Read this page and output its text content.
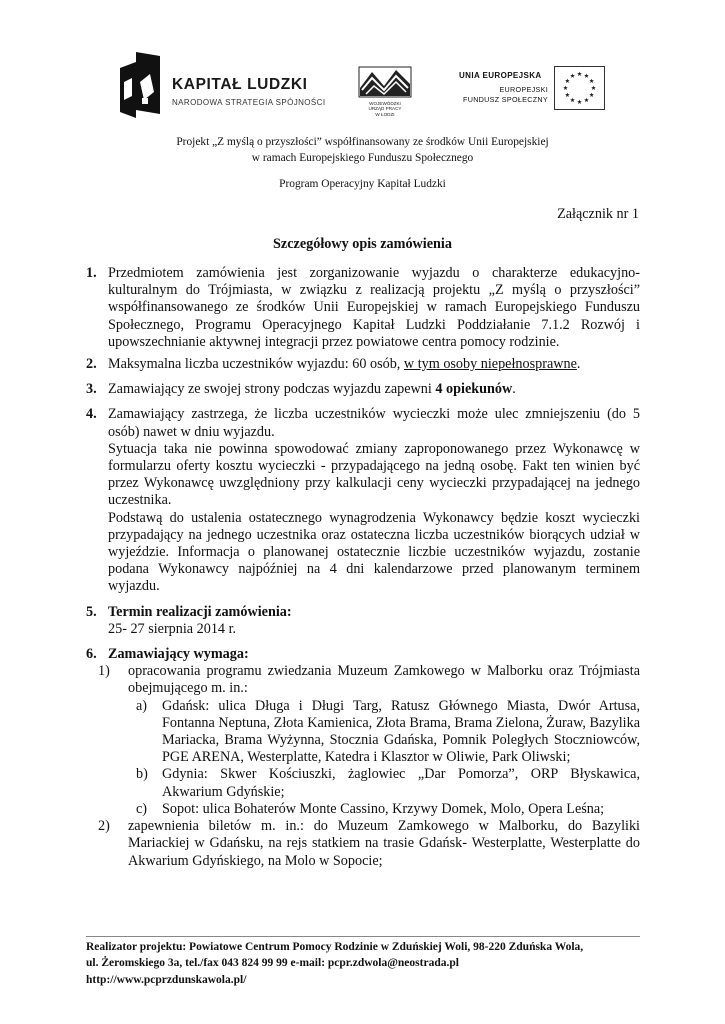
KAPITAŁ LUDZKI
NARODOWA STRATEGIA SPÓJNOŚCI	WOJEWÓDZKI
URZĄD PRACY
W ŁODZI
UNIA EUROPEJSKA
EUROPEJSKI
FUNDUSZ SPOŁECZNY
Projekt „Z myślą o przyszłości” współfinansowany ze środków Unii Europejskiej
w ramach Europejskiego Funduszu Społecznego
Program Operacyjny Kapitał Ludzki
Załącznik nr 1
Szczegółowy opis zamówienia
1. Przedmiotem zamówienia jest zorganizowanie wyjazdu o charakterze edukacyjno-kulturalnym do Trójmiasta, w związku z realizacją projektu „Z myślą o przyszłości” współfinansowanego ze środków Unii Europejskiej w ramach Europejskiego Funduszu Społecznego, Programu Operacyjnego Kapitał Ludzki Poddziałanie 7.1.2 Rozwój i upowszechnianie aktywnej integracji przez powiatowe centra pomocy rodzinie.

2. Maksymalna liczba uczestników wyjazdu: 60 osób, w tym osoby niepełnosprawne.

3. Zamawiający ze swojej strony podczas wyjazdu zapewni 4 opiekunów.

4. Zamawiający zastrzega, że liczba uczestników wycieczki może ulec zmniejszeniu (do 5 osób) nawet w dniu wyjazdu.

Sytuacja taka nie powinna spowodować zmiany zaproponowanego przez Wykonawcę w formularzu oferty kosztu wycieczki - przypadającego na jedną osobę. Fakt ten winien być przez Wykonawcę uwzględniony przy kalkulacji ceny wycieczki przypadającej na jednego uczestnika.

Podstawą do ustalenia ostatecznego wynagrodzenia Wykonawcy będzie koszt wycieczki przypadający na jednego uczestnika oraz ostateczna liczba uczestników biorących udział w wyjeździe. Informacja o planowanej ostatecznie liczbie uczestników wyjazdu, zostanie podana Wykonawcy najpóźniej na 4 dni kalendarzowe przed planowanym terminem wyjazdu.

5. Termin realizacji zamówienia:

25- 27 sierpnia 2014 r.

6. Zamawiający wymaga:

1) opracowania programu zwiedzania Muzeum Zamkowego w Malborku oraz Trójmiasta obejmującego m. in.:

a) Gdańsk: ulica Długa i Długi Targ, Ratusz Głównego Miasta, Dwór Artusa, Fontanna Neptuna, Złota Kamienica, Złota Brama, Brama Zielona, Żuraw, Bazylika Mariacka, Brama Wyżynna, Stocznia Gdańska, Pomnik Poległych Stoczniowców, PGE ARENA, Westerplatte, Katedra i Klasztor w Oliwie, Park Oliwski;

b) Gdynia: Skwer Kościuszki, żaglowiec „Dar Pomorza”, ORP Błyskawica, Akwarium Gdyńskie;

c) Sopot: ulica Bohaterów Monte Cassino, Krzywy Domek, Molo, Opera Leśna;

2) zapewnienia biletów m. in.: do Muzeum Zamkowego w Malborku, do Bazyliki Mariackiej w Gdańsku, na rejs statkiem na trasie Gdańsk- Westerplatte, Westerplatte do Akwarium Gdyńskiego, na Molo w Sopocie;

Realizator projektu: Powiatowe Centrum Pomocy Rodzinie w Zduńskiej Woli, 98-220 Zduńska Wola,
ul. Żeromskiego 3a, tel./fax 043 824 99 99 e-mail: pcpr.zdwola@neostrada.pl
http://www.pcprzdunskawola.pl/
